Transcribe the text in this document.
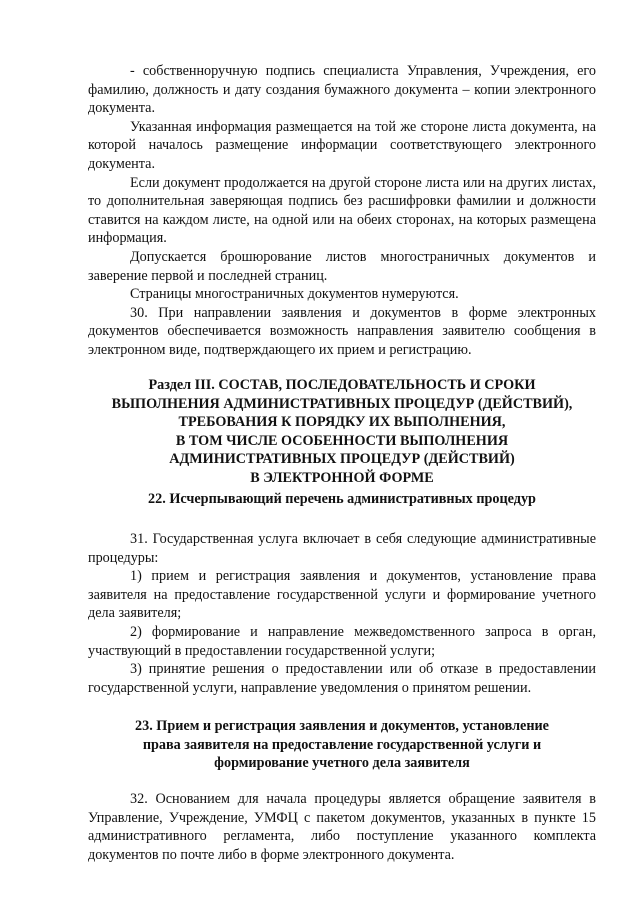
- собственноручную подпись специалиста Управления, Учреждения, его фамилию, должность и дату создания бумажного документа – копии электронного документа.

Указанная информация размещается на той же стороне листа документа, на которой началось размещение информации соответствующего электронного документа.

Если документ продолжается на другой стороне листа или на других листах, то дополнительная заверяющая подпись без расшифровки фамилии и должности ставится на каждом листе, на одной или на обеих сторонах, на которых размещена информация.

Допускается брошюрование листов многостраничных документов и заверение первой и последней страниц.

Страницы многостраничных документов нумеруются.

30. При направлении заявления и документов в форме электронных документов обеспечивается возможность направления заявителю сообщения в электронном виде, подтверждающего их прием и регистрацию.

Раздел III. СОСТАВ, ПОСЛЕДОВАТЕЛЬНОСТЬ И СРОКИ

ВЫПОЛНЕНИЯ АДМИНИСТРАТИВНЫХ ПРОЦЕДУР (ДЕЙСТВИЙ),

ТРЕБОВАНИЯ К ПОРЯДКУ ИХ ВЫПОЛНЕНИЯ,

В ТОМ ЧИСЛЕ ОСОБЕННОСТИ ВЫПОЛНЕНИЯ

АДМИНИСТРАТИВНЫХ ПРОЦЕДУР (ДЕЙСТВИЙ)

В ЭЛЕКТРОННОЙ ФОРМЕ

22. Исчерпывающий перечень административных процедур

31. Государственная услуга включает в себя следующие административные процедуры:

1) прием и регистрация заявления и документов, установление права заявителя на предоставление государственной услуги и формирование учетного дела заявителя;

2) формирование и направление межведомственного запроса в орган, участвующий в предоставлении государственной услуги;

3) принятие решения о предоставлении или об отказе в предоставлении государственной услуги, направление уведомления о принятом решении.

23. Прием и регистрация заявления и документов, установление

права заявителя на предоставление государственной услуги и

формирование учетного дела заявителя

32. Основанием для начала процедуры является обращение заявителя в Управление, Учреждение, УМФЦ с пакетом документов, указанных в пункте 15 административного регламента, либо поступление указанного комплекта документов по почте либо в форме электронного документа.
